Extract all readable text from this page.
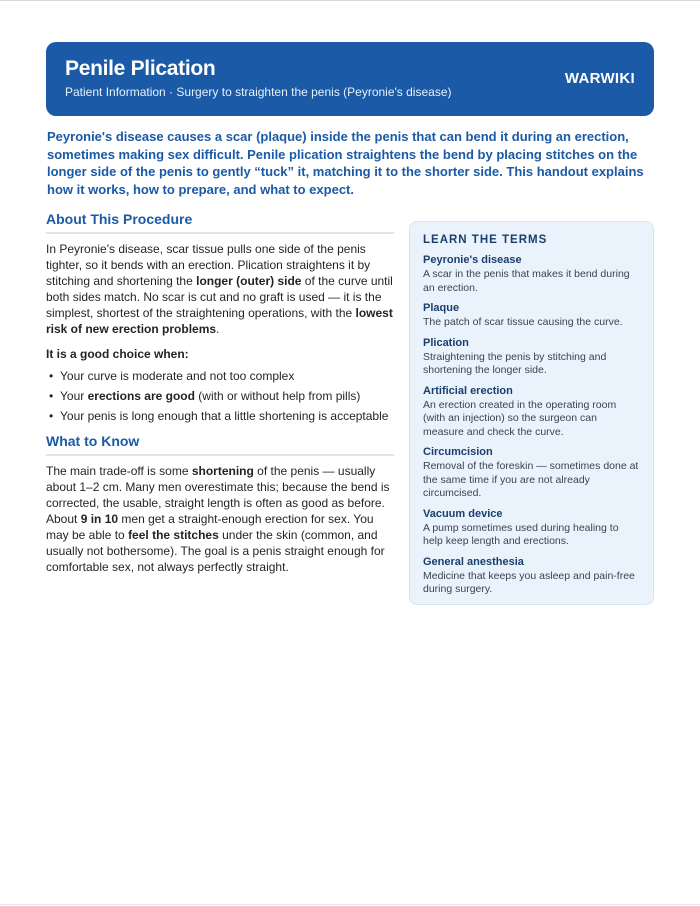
Penile Plication
Patient Information · Surgery to straighten the penis (Peyronie's disease)
WARWIKI
Peyronie's disease causes a scar (plaque) inside the penis that can bend it during an erection, sometimes making sex difficult. Penile plication straightens the bend by placing stitches on the longer side of the penis to gently “tuck” it, matching it to the shorter side. This handout explains how it works, how to prepare, and what to expect.
About This Procedure

In Peyronie's disease, scar tissue pulls one side of the penis tighter, so it bends with an erection. Plication straightens it by stitching and shortening the longer (outer) side of the curve until both sides match. No scar is cut and no graft is used — it is the simplest, shortest of the straightening operations, with the lowest risk of new erection problems.

It is a good choice when:

• Your curve is moderate and not too complex
• Your erections are good (with or without help from pills)
• Your penis is long enough that a little shortening is acceptable
What to Know

The main trade-off is some shortening of the penis — usually about 1–2 cm. Many men overestimate this; because the bend is corrected, the usable, straight length is often as good as before. About 9 in 10 men get a straight-enough erection for sex. You may be able to feel the stitches under the skin (common, and usually not bothersome). The goal is a penis straight enough for comfortable sex, not always perfectly straight.

LEARN THE TERMS
Peyronie's disease
A scar in the penis that makes it bend during an erection.
Plaque
The patch of scar tissue causing the curve.
Plication
Straightening the penis by stitching and shortening the longer side.
Artificial erection
An erection created in the operating room (with an injection) so the surgeon can measure and check the curve.
Circumcision
Removal of the foreskin — sometimes done at the same time if you are not already circumcised.
Vacuum device
A pump sometimes used during healing to help keep length and erections.
General anesthesia
Medicine that keeps you asleep and pain-free during surgery.
